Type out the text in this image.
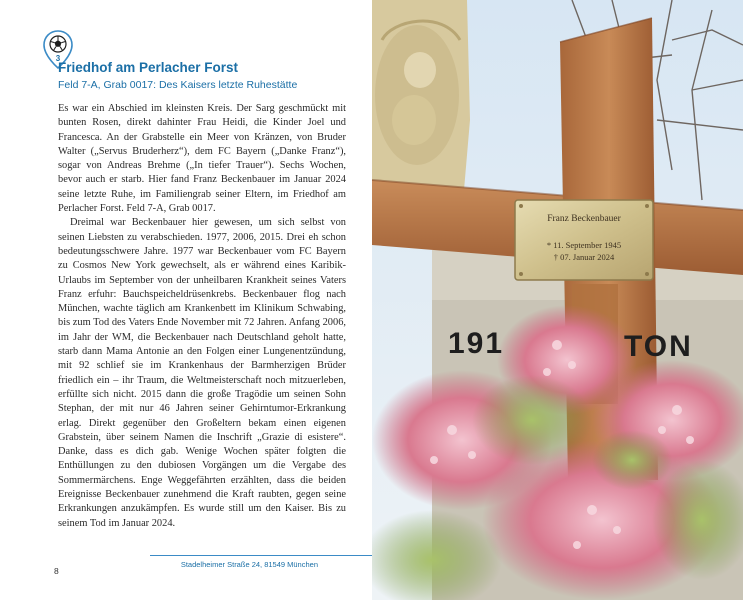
3
Friedhof am Perlacher Forst
Feld 7-A, Grab 0017: Des Kaisers letzte Ruhestätte

Es war ein Abschied im kleinsten Kreis. Der Sarg geschmückt mit bunten Rosen, direkt dahinter Frau Heidi, die Kinder Joel und Francesca. An der Grabstelle ein Meer von Kränzen, von Bruder Walter („Servus Bruderherz“), dem FC Bayern („Danke Franz“), sogar von Andreas Brehme („In tiefer Trauer“). Sechs Wochen, bevor auch er starb. Hier fand Franz Beckenbauer im Januar 2024 seine letzte Ruhe, im Familiengrab seiner Eltern, im Friedhof am Perlacher Forst. Feld 7-A, Grab 0017.

Dreimal war Beckenbauer hier gewesen, um sich selbst von seinen Liebsten zu verabschieden. 1977, 2006, 2015. Drei eh schon bedeutungsschwere Jahre. 1977 war Beckenbauer vom FC Bayern zu Cosmos New York gewechselt, als er während eines Karibik-Urlaubs im September von der unheilbaren Krankheit seines Vaters Franz erfuhr: Bauchspeicheldrüsenkrebs. Beckenbauer flog nach München, wachte täglich am Krankenbett im Klinikum Schwabing, bis zum Tod des Vaters Ende November mit 72 Jahren. Anfang 2006, im Jahr der WM, die Beckenbauer nach Deutschland geholt hatte, starb dann Mama Antonie an den Folgen einer Lungenentzündung, mit 92 schlief sie im Krankenhaus der Barmherzigen Brüder friedlich ein – ihr Traum, die Weltmeisterschaft noch mitzuerleben, erfüllte sich nicht. 2015 dann die große Tragödie um seinen Sohn Stephan, der mit nur 46 Jahren seiner Gehirntumor-Erkrankung erlag. Direkt gegenüber den Großeltern bekam einen eigenen Grabstein, über seinem Namen die Inschrift „Grazie di esistere“. Danke, dass es dich gab. Wenige Wochen später folgten die Enthüllungen zu den dubiosen Vorgängen um die Vergabe des Sommermärchens. Enge Weggefährten erzählten, dass die beiden Ereignisse Beckenbauer zunehmend die Kraft raubten, gegen seine Erkrankungen anzukämpfen. Es wurde still um den Kaiser. Bis zu seinem Tod im Januar 2024.

Stadelheimer Straße 24, 81549 München
8
Franz Beckenbauer
* 11. September 1945
† 07. Januar 2024
191	TON
